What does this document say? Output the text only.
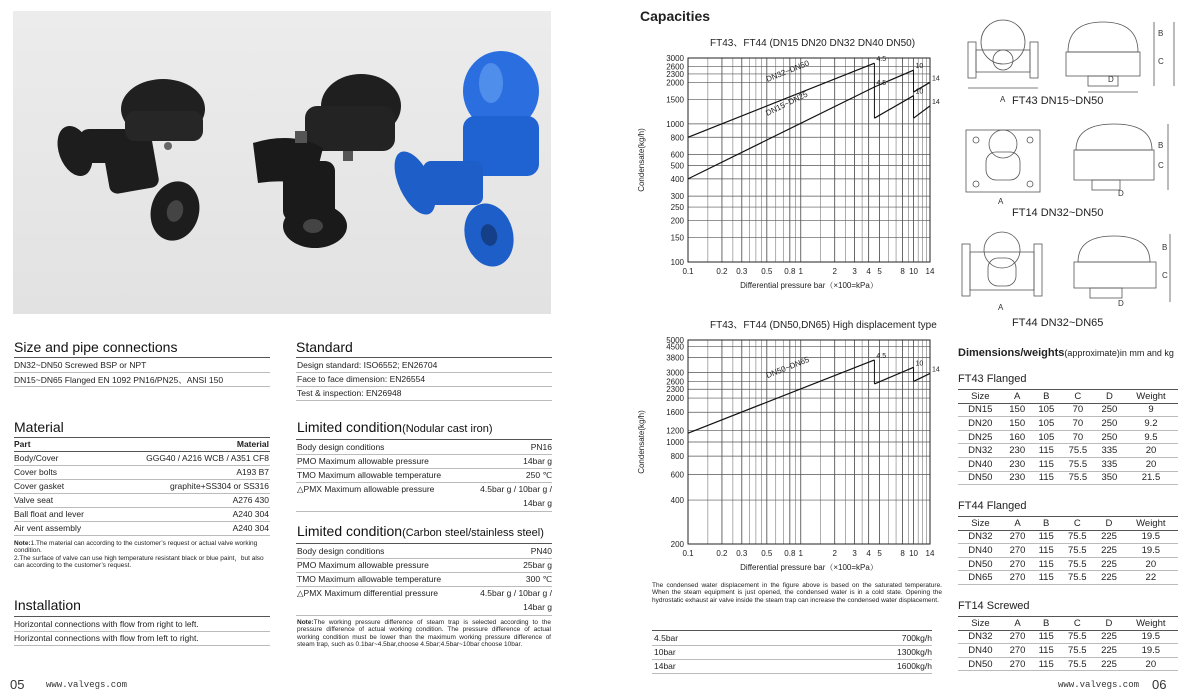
Size and pipe connections
DN32~DN50 Screwed BSP or NPT
DN15~DN65 Flanged EN 1092 PN16/PN25、ANSI 150
Standard
Design standard: ISO6552; EN26704
Face to face dimension: EN26554
Test & inspection: EN26948
Material
Part	Material
Body/Cover	GGG40 / A216 WCB / A351 CF8
Cover bolts	A193 B7
Cover gasket	graphite+SS304 or SS316
Valve seat	A276 430
Ball float and lever	A240 304
Air vent assembly	A240 304
Note:1.The material can according to the customer’s request or actual valve working condition.
2.The surface of valve can use high temperature resistant black or blue paint，but also can according to the customer’s request.
Limited condition(Nodular cast iron)
Body design conditions	PN16
PMO Maximum allowable pressure	14bar g
TMO Maximum allowable temperature	250 ℃
△PMX Maximum allowable pressure	4.5bar g / 10bar g /
14bar g
Limited condition(Carbon steel/stainless steel)
Body design conditions	PN40
PMO Maximum allowable pressure	25bar g
TMO Maximum allowable temperature	300 ℃
△PMX Maximum differential pressure	4.5bar g / 10bar g /
14bar g
Note:The working pressure difference of steam trap is selected according to the pressure difference of actual working condition. The pressure difference of actual working condition must be lower than the maximum working pressure difference of steam trap, such as 0.1bar~4.5bar,choose 4.5bar;4.5bar~10bar choose 10bar.
Installation
Horizontal connections with flow from right to left.
Horizontal connections with flow from left to right.
05 www.valvegs.com
Capacities
FT43、FT44 (DN15 DN20 DN32 DN40 DN50)
0.1	0.2 0.3 0.5 0.8 1	2 3 4 5 8 10 14
100
150
200
250
300
400
500
600
800
1000
1500
2000
2300
2600
3000
Differential pressure bar（×100=kPa）
Condensate(kg/h)
4.5
DN32~DN50	10
14
4.5
DN15~DN25	10
14
FT43、FT44 (DN50,DN65) High displacement type
0.1	0.2 0.3 0.5 0.8 1	2 3 4 5 8 10 14
200
400
600
800
1000
1200
1600
2000
2300
2600
3000
3800
4500
5000
Differential pressure bar（×100=kPa）
Condensate(kg/h)
4.5
DN50~DN65	10
14
The condensed water displacement in the figure above is based on the saturated temperature. When the steam equipment is just opened, the condensed water is in a cold state. Opening the hydrostatic exhaust air valve inside the steam trap can increase the condensed water displacement.
4.5bar	700kg/h
10bar	1300kg/h
14bar	1600kg/h
A
B
C
D
FT43 DN15~DN50
A
B
C
D
FT14 DN32~DN50
A
B
C
D
FT44 DN32~DN65
Dimensions/weights(approximate)in mm and kg
FT43 Flanged
Size	A	B	C	D	Weight
DN15	150	105	70	250	9
DN20	150	105	70	250	9.2
DN25	160	105	70	250	9.5
DN32	230	115	75.5	335	20
DN40	230	115	75.5	335	20
DN50	230	115	75.5	350	21.5
FT44 Flanged
Size	A	B	C	D	Weight
DN32	270	115	75.5	225	19.5
DN40	270	115	75.5	225	19.5
DN50	270	115	75.5	225	20
DN65	270	115	75.5	225	22
FT14 Screwed
Size	A	B	C	D	Weight
DN32	270	115	75.5	225	19.5
DN40	270	115	75.5	225	19.5
DN50	270	115	75.5	225	20
www.valvegs.com 06
